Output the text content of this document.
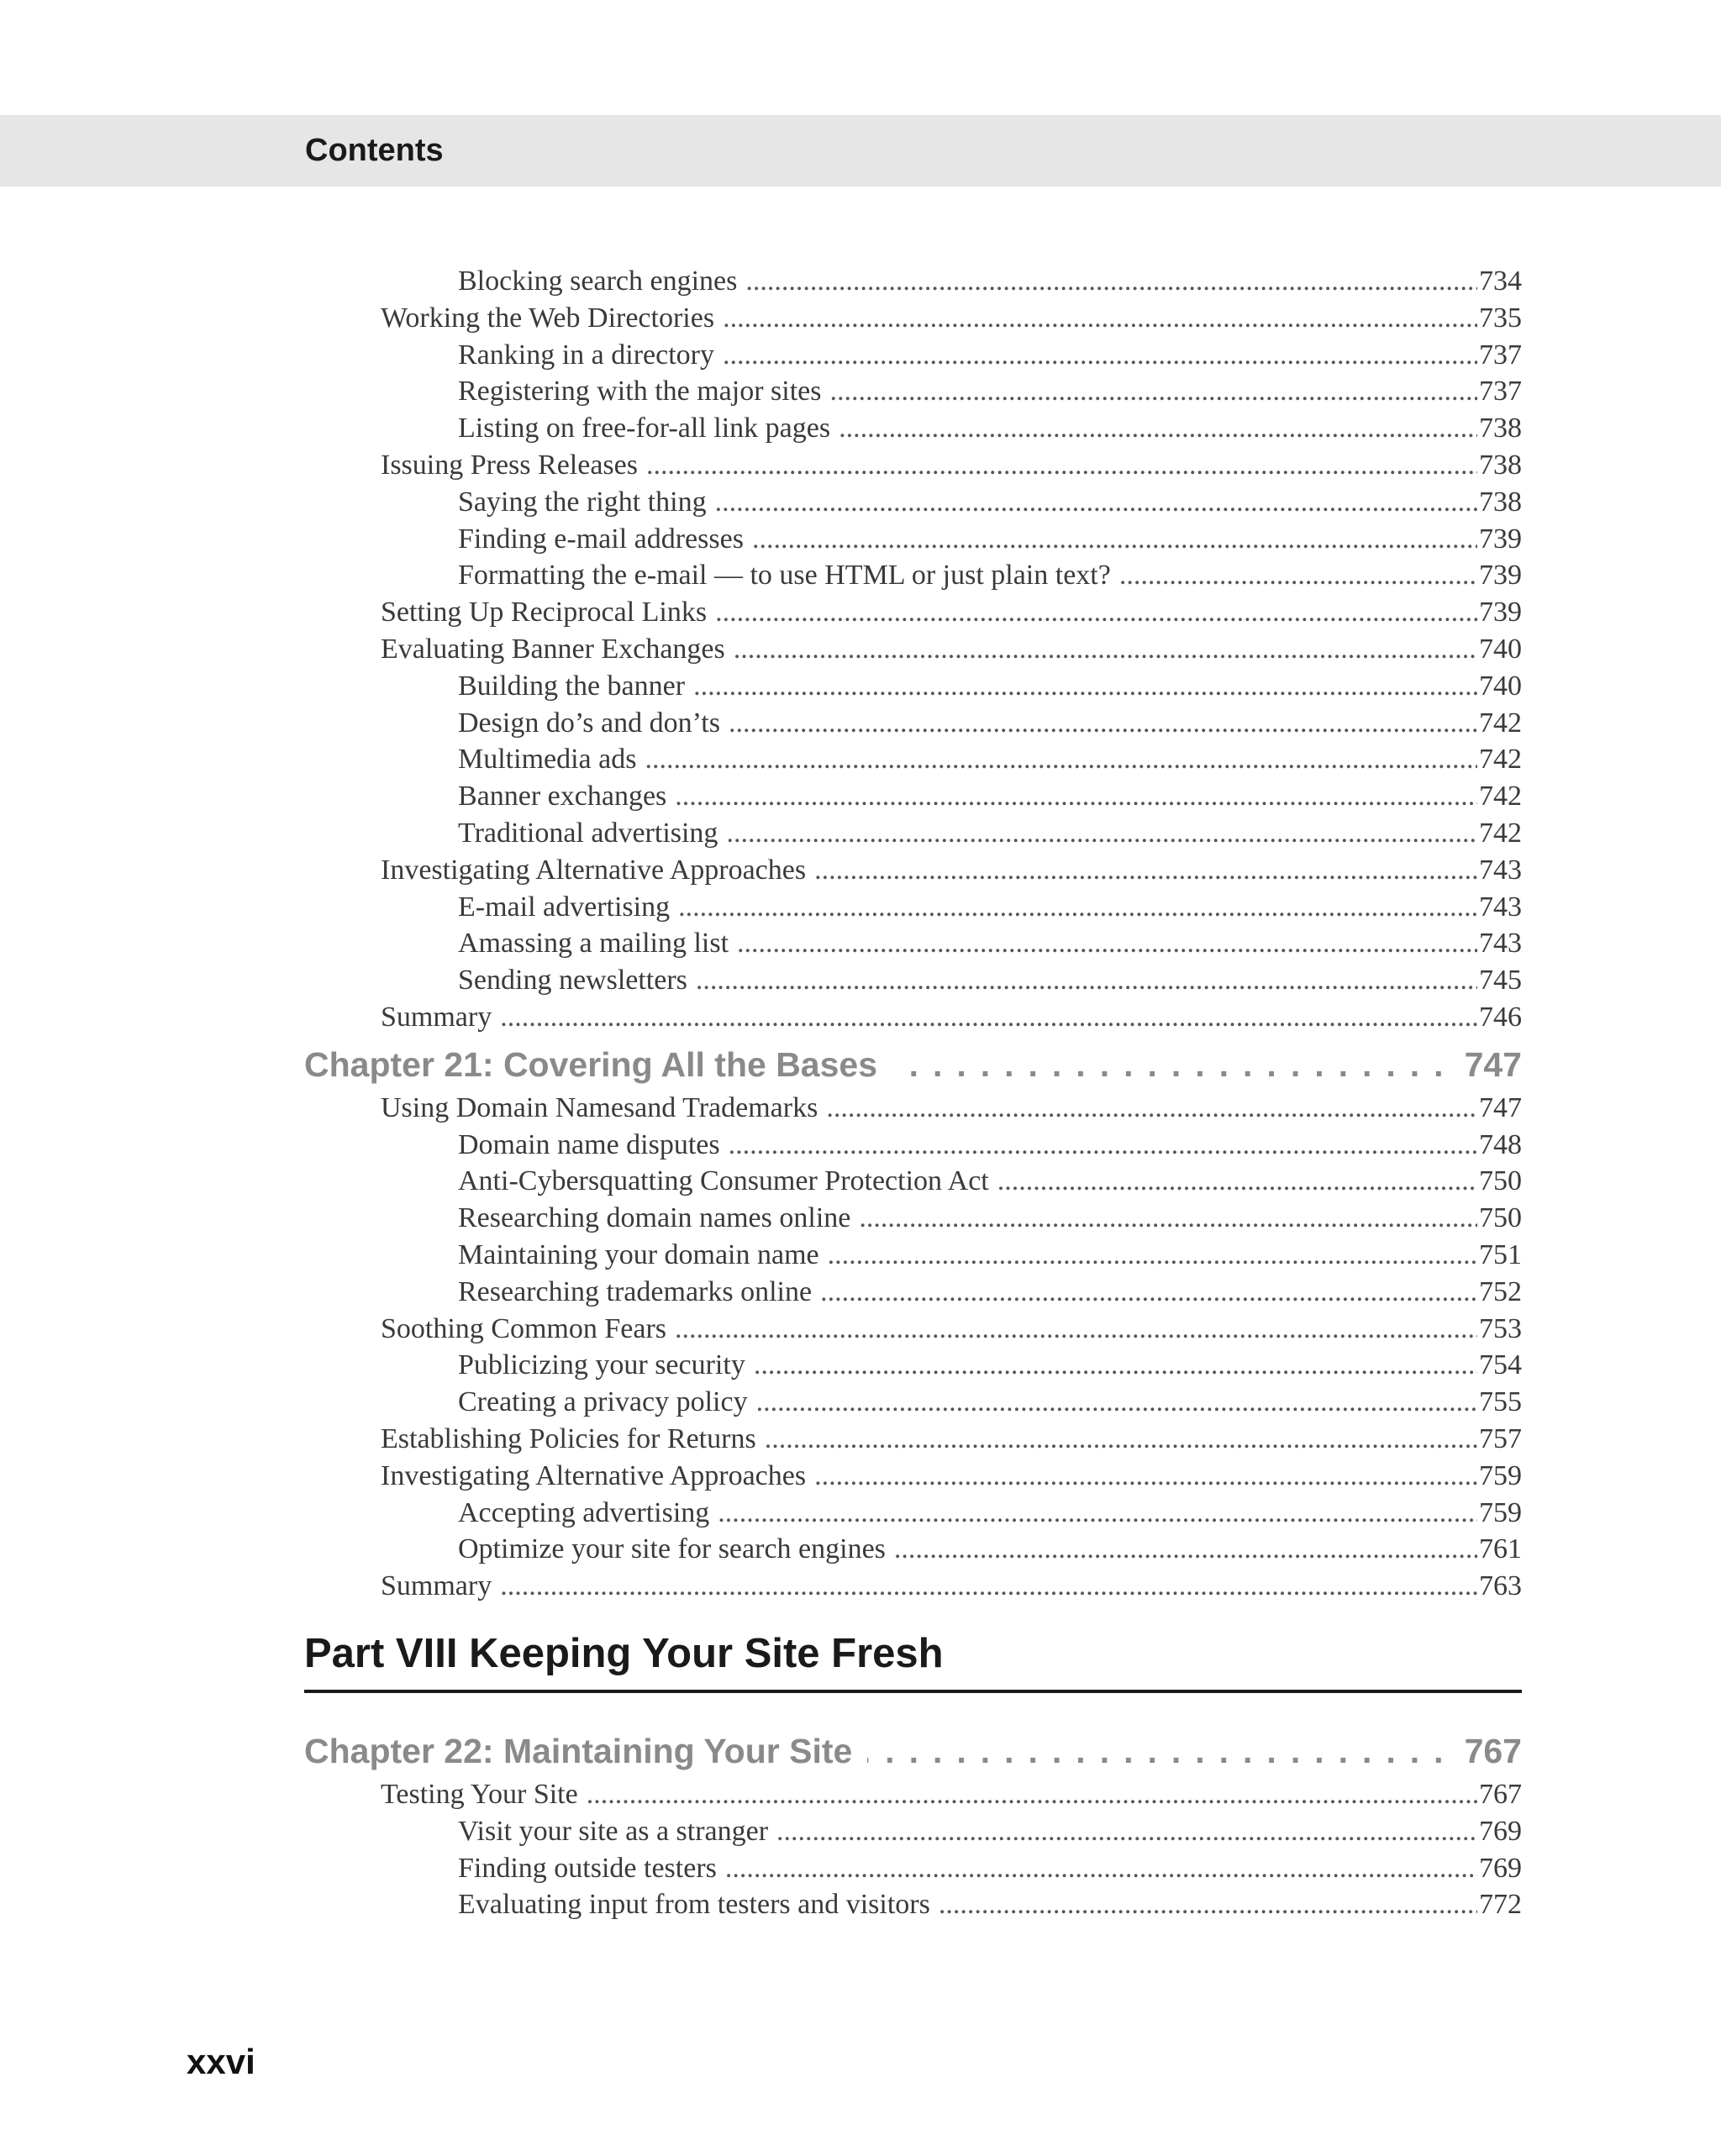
Contents
Blocking search engines .....	734
Working the Web Directories .....	735
Ranking in a directory .....	737
Registering with the major sites .....	737
Listing on free-for-all link pages .....	738
Issuing Press Releases .....	738
Saying the right thing .....	738
Finding e-mail addresses .....	739
Formatting the e-mail — to use HTML or just plain text? .....	739
Setting Up Reciprocal Links .....	739
Evaluating Banner Exchanges .....	740
Building the banner .....	740
Design do’s and don’ts .....	742
Multimedia ads .....	742
Banner exchanges .....	742
Traditional advertising .....	742
Investigating Alternative Approaches .....	743
E-mail advertising .....	743
Amassing a mailing list .....	743
Sending newsletters .....	745
Summary .....	746
Chapter 21: Covering All the Bases .....	747
Using Domain Namesand Trademarks .....	747
Domain name disputes .....	748
Anti-Cybersquatting Consumer Protection Act .....	750
Researching domain names online .....	750
Maintaining your domain name .....	751
Researching trademarks online .....	752
Soothing Common Fears .....	753
Publicizing your security .....	754
Creating a privacy policy .....	755
Establishing Policies for Returns .....	757
Investigating Alternative Approaches .....	759
Accepting advertising .....	759
Optimize your site for search engines .....	761
Summary .....	763
Chapter 22: Maintaining Your Site .....	767
Testing Your Site .....	767
Visit your site as a stranger .....	769
Finding outside testers .....	769
Evaluating input from testers and visitors .....	772
xxvi
Part VIII Keeping Your Site Fresh
